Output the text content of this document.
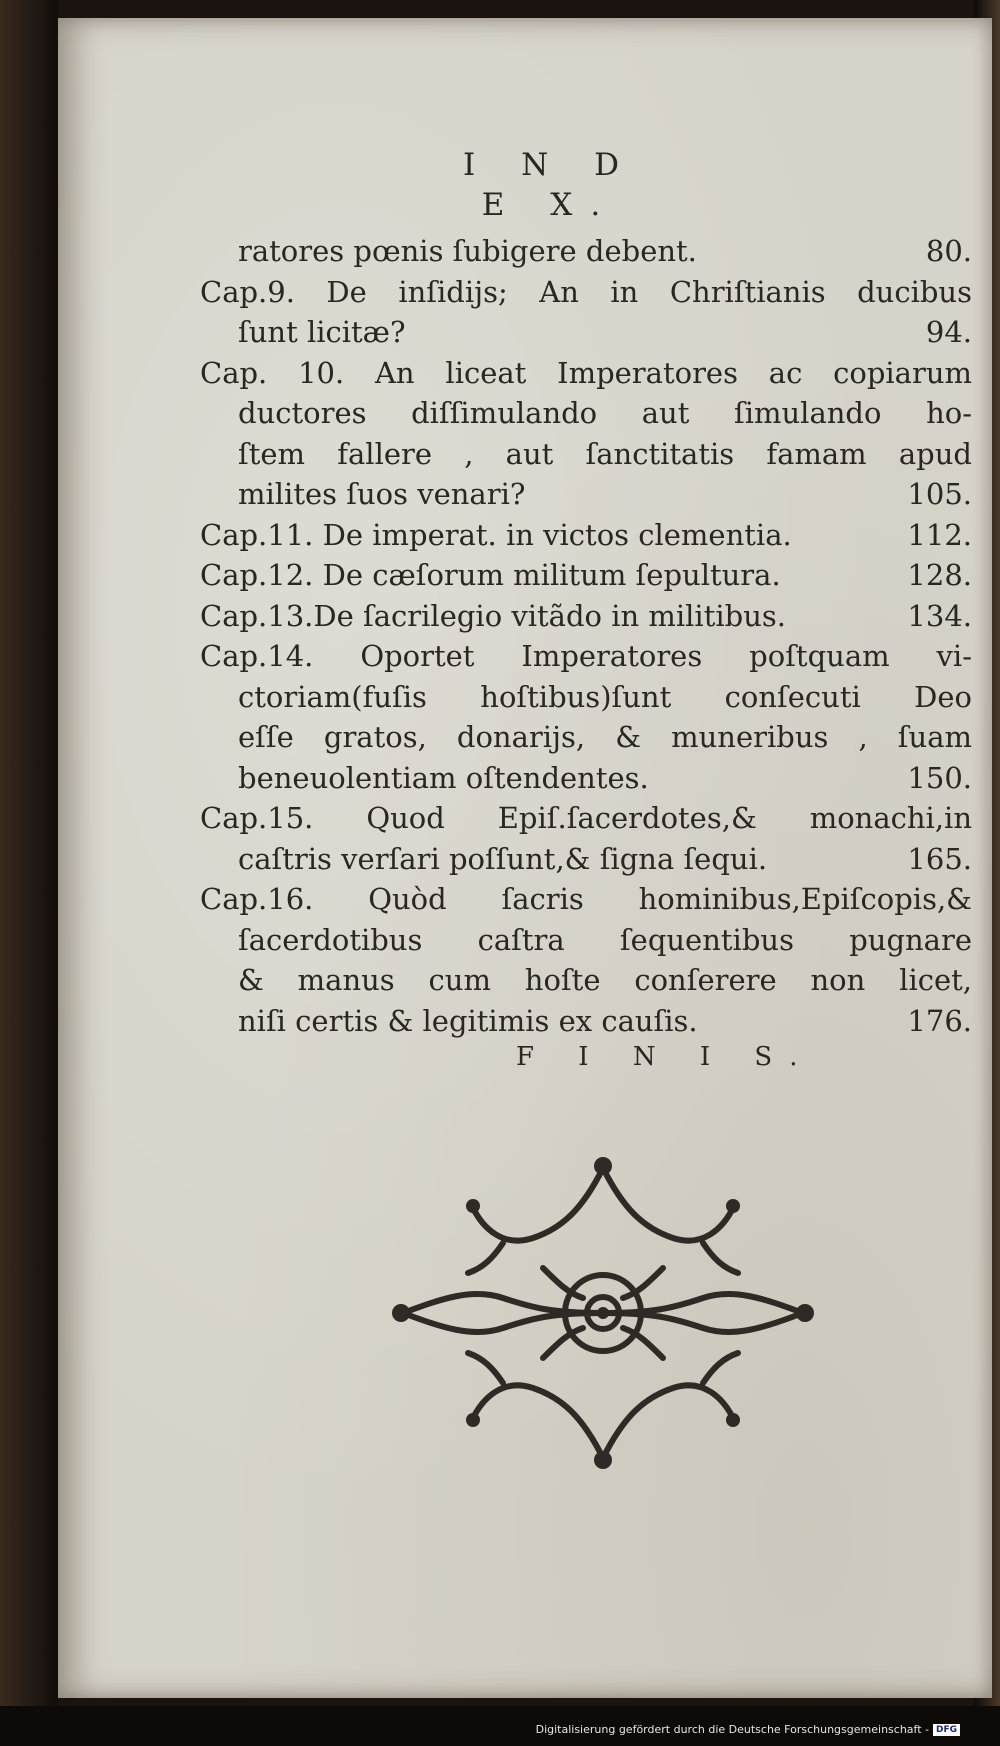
I N D E X.
ratores pœnis ſubigere debent.	80.
Cap.9. De inſidijs; An in Chriſtianis ducibus
ſunt licitæ?	94.
Cap. 10. An liceat Imperatores ac copiarum
ductores diſſimulando aut ſimulando ho-
ſtem fallere , aut ſanctitatis famam apud
milites ſuos venari?	105.
Cap.11. De imperat. in victos clementia.	112.
Cap.12. De cæſorum militum ſepultura.	128.
Cap.13.De ſacrilegio vitãdo in militibus.	134.
Cap.14. Oportet Imperatores poſtquam vi-
ctoriam(fuſis hoſtibus)ſunt conſecuti Deo
eſſe gratos, donarijs, & muneribus , ſuam
beneuolentiam oſtendentes.	150.
Cap.15. Quod Epiſ.ſacerdotes,& monachi,in
caſtris verſari poſſunt,& ſigna ſequi.	165.
Cap.16. Quòd ſacris hominibus,Epiſcopis,&
ſacerdotibus caſtra ſequentibus pugnare
& manus cum hoſte conſerere non licet,
niſi certis & legitimis ex cauſis.	176.
F I N I S.
Digitalisierung gefördert durch die Deutsche Forschungsgemeinschaft - DFG
